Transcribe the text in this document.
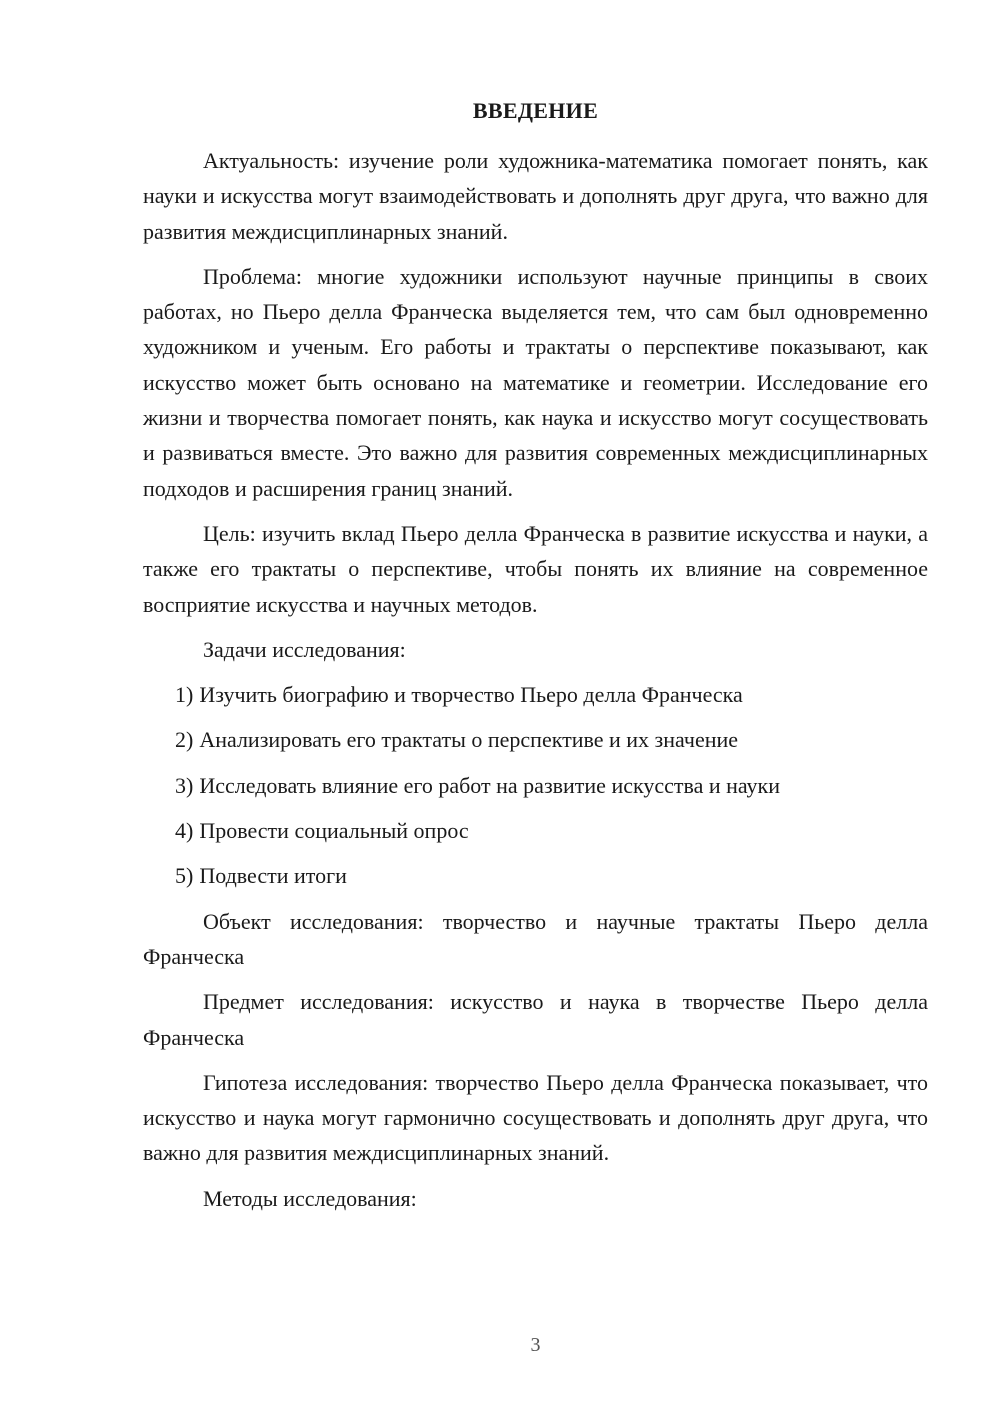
ВВЕДЕНИЕ

Актуальность: изучение роли художника-математика помогает понять, как науки и искусства могут взаимодействовать и дополнять друг друга, что важно для развития междисциплинарных знаний.

Проблема: многие художники используют научные принципы в своих работах, но Пьеро делла Франческа выделяется тем, что сам был одновременно художником и ученым. Его работы и трактаты о перспективе показывают, как искусство может быть основано на математике и геометрии. Исследование его жизни и творчества помогает понять, как наука и искусство могут сосуществовать и развиваться вместе. Это важно для развития современных междисциплинарных подходов и расширения границ знаний.

Цель: изучить вклад Пьеро делла Франческа в развитие искусства и науки, а также его трактаты о перспективе, чтобы понять их влияние на современное восприятие искусства и научных методов.

Задачи исследования:

1) Изучить биографию и творчество Пьеро делла Франческа
2) Анализировать его трактаты о перспективе и их значение
3) Исследовать влияние его работ на развитие искусства и науки
4) Провести социальный опрос
5) Подвести итоги

Объект исследования: творчество и научные трактаты Пьеро делла Франческа

Предмет исследования: искусство и наука в творчестве Пьеро делла Франческа

Гипотеза исследования: творчество Пьеро делла Франческа показывает, что искусство и наука могут гармонично сосуществовать и дополнять друг друга, что важно для развития междисциплинарных знаний.

Методы исследования:

3
